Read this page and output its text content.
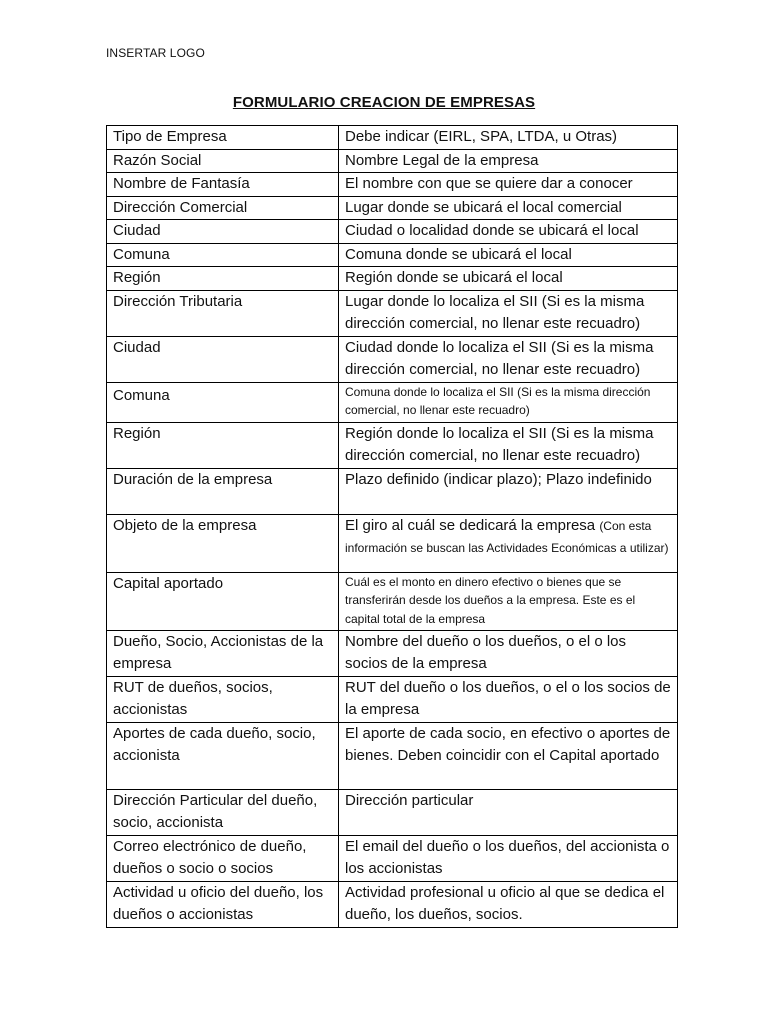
INSERTAR LOGO
FORMULARIO CREACION DE EMPRESAS
Tipo de Empresa	Debe indicar (EIRL, SPA, LTDA, u Otras)
Razón Social	Nombre Legal de la empresa
Nombre de Fantasía	El nombre con que se quiere dar a conocer
Dirección Comercial	Lugar donde se ubicará el local comercial
Ciudad	Ciudad o localidad donde se ubicará el local
Comuna	Comuna donde se ubicará el local
Región	Región donde se ubicará el local
Dirección Tributaria	Lugar donde lo localiza el SII (Si es la misma dirección comercial, no llenar este recuadro)
Ciudad	Ciudad donde lo localiza el SII (Si es la misma dirección comercial, no llenar este recuadro)
Comuna	Comuna donde lo localiza el SII (Si es la misma dirección comercial, no llenar este recuadro)
Región	Región donde lo localiza el SII (Si es la misma dirección comercial, no llenar este recuadro)
Duración de la empresa	Plazo definido (indicar plazo); Plazo indefinido
Objeto de la empresa	El giro al cuál se dedicará la empresa (Con esta información se buscan las Actividades Económicas a utilizar)
Capital aportado	Cuál es el monto en dinero efectivo o bienes que se transferirán desde los dueños a la empresa. Este es el capital total de la empresa
Dueño, Socio, Accionistas de la empresa	Nombre del dueño o los dueños, o el o los socios de la empresa
RUT de dueños, socios, accionistas	RUT del dueño o los dueños, o el o los socios de la empresa
Aportes de cada dueño, socio, accionista	El aporte de cada socio, en efectivo o aportes de bienes. Deben coincidir con el Capital aportado
Dirección Particular del dueño, socio, accionista	Dirección particular
Correo electrónico de dueño, dueños o socio o socios	El email del dueño o los dueños, del accionista o los accionistas
Actividad u oficio del dueño, los dueños o accionistas	Actividad profesional u oficio al que se dedica el dueño, los dueños, socios.
